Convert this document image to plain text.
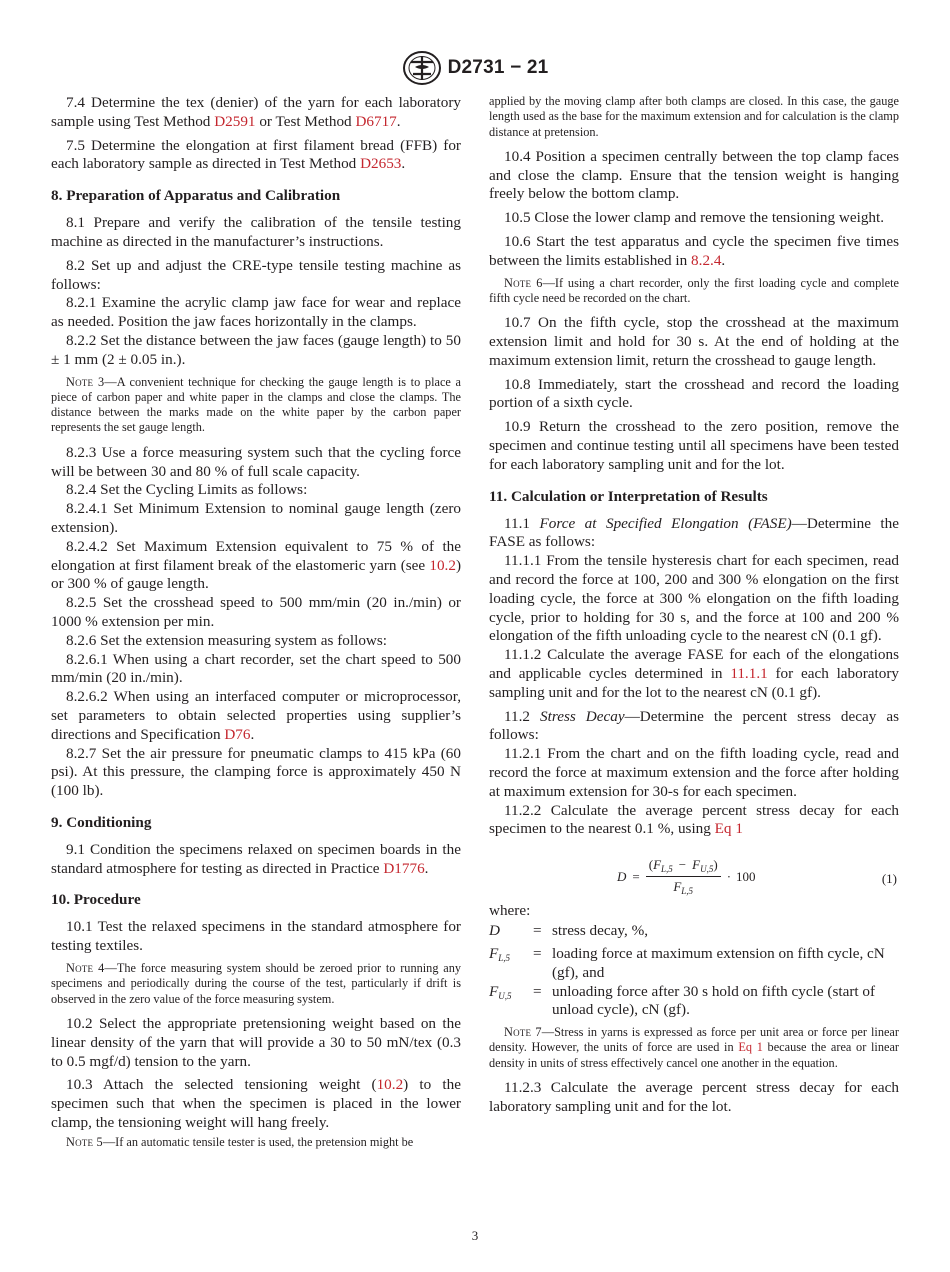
D2731 − 21

7.4 Determine the tex (denier) of the yarn for each laboratory sample using Test Method D2591 or Test Method D6717.

7.5 Determine the elongation at first filament bread (FFB) for each laboratory sample as directed in Test Method D2653.

8. Preparation of Apparatus and Calibration

8.1 Prepare and verify the calibration of the tensile testing machine as directed in the manufacturer’s instructions.

8.2 Set up and adjust the CRE-type tensile testing machine as follows:

8.2.1 Examine the acrylic clamp jaw face for wear and replace as needed. Position the jaw faces horizontally in the clamps.

8.2.2 Set the distance between the jaw faces (gauge length) to 50 ± 1 mm (2 ± 0.05 in.).

Note 3—A convenient technique for checking the gauge length is to place a piece of carbon paper and white paper in the clamps and close the clamps. The distance between the marks made on the white paper by the carbon paper represents the set gauge length.

8.2.3 Use a force measuring system such that the cycling force will be between 30 and 80 % of full scale capacity.

8.2.4 Set the Cycling Limits as follows:

8.2.4.1 Set Minimum Extension to nominal gauge length (zero extension).

8.2.4.2 Set Maximum Extension equivalent to 75 % of the elongation at first filament break of the elastomeric yarn (see 10.2) or 300 % of gauge length.

8.2.5 Set the crosshead speed to 500 mm/min (20 in./min) or 1000 % extension per min.

8.2.6 Set the extension measuring system as follows:

8.2.6.1 When using a chart recorder, set the chart speed to 500 mm/min (20 in./min).

8.2.6.2 When using an interfaced computer or microprocessor, set parameters to obtain selected properties using supplier’s directions and Specification D76.

8.2.7 Set the air pressure for pneumatic clamps to 415 kPa (60 psi). At this pressure, the clamping force is approximately 450 N (100 lb).

9. Conditioning

9.1 Condition the specimens relaxed on specimen boards in the standard atmosphere for testing as directed in Practice D1776.

10. Procedure

10.1 Test the relaxed specimens in the standard atmosphere for testing textiles.

Note 4—The force measuring system should be zeroed prior to running any specimens and periodically during the course of the test, particularly if drift is observed in the zero value of the force measuring system.

10.2 Select the appropriate pretensioning weight based on the linear density of the yarn that will provide a 30 to 50 mN/tex (0.3 to 0.5 mgf/d) tension to the yarn.

10.3 Attach the selected tensioning weight (10.2) to the specimen such that when the specimen is placed in the lower clamp, the tensioning weight will hang freely.

Note 5—If an automatic tensile tester is used, the pretension might be

applied by the moving clamp after both clamps are closed. In this case, the gauge length used as the base for the maximum extension and for calculation is the clamp distance at pretension.

10.4 Position a specimen centrally between the top clamp faces and close the clamp. Ensure that the tension weight is hanging freely below the bottom clamp.

10.5 Close the lower clamp and remove the tensioning weight.

10.6 Start the test apparatus and cycle the specimen five times between the limits established in 8.2.4.

Note 6—If using a chart recorder, only the first loading cycle and complete fifth cycle need be recorded on the chart.

10.7 On the fifth cycle, stop the crosshead at the maximum extension limit and hold for 30 s. At the end of holding at the maximum extension limit, return the crosshead to gauge length.

10.8 Immediately, start the crosshead and record the loading portion of a sixth cycle.

10.9 Return the crosshead to the zero position, remove the specimen and continue testing until all specimens have been tested for each laboratory sampling unit and for the lot.

11. Calculation or Interpretation of Results

11.1 Force at Specified Elongation (FASE)—Determine the FASE as follows:

11.1.1 From the tensile hysteresis chart for each specimen, read and record the force at 100, 200 and 300 % elongation on the first loading cycle, the force at 300 % elongation on the fifth loading cycle, prior to holding for 30 s, and the force at 100 and 200 % elongation of the fifth unloading cycle to the nearest cN (0.1 gf).

11.1.2 Calculate the average FASE for each of the elongations and applicable cycles determined in 11.1.1 for each laboratory sampling unit and for the lot to the nearest cN (0.1 gf).

11.2 Stress Decay—Determine the percent stress decay as follows:

11.2.1 From the chart and on the fifth loading cycle, read and record the force at maximum extension and the force after holding at maximum extension for 30-s for each specimen.

11.2.2 Calculate the average percent stress decay for each specimen to the nearest 0.1 %, using Eq 1

$D = \frac{(F_{L,5} - F_{U,5})}{F_{L,5}} \cdot 100$	(1)

where:

D	=	stress decay, %,
$F_{L,5}$	=	loading force at maximum extension on fifth cycle, cN (gf), and
$F_{U,5}$	=	unloading force after 30 s hold on fifth cycle (start of unload cycle), cN (gf).

Note 7—Stress in yarns is expressed as force per unit area or force per linear density. However, the units of force are used in Eq 1 because the area or linear density in units of stress effectively cancel one another in the equation.

11.2.3 Calculate the average percent stress decay for each laboratory sampling unit and for the lot.

3
